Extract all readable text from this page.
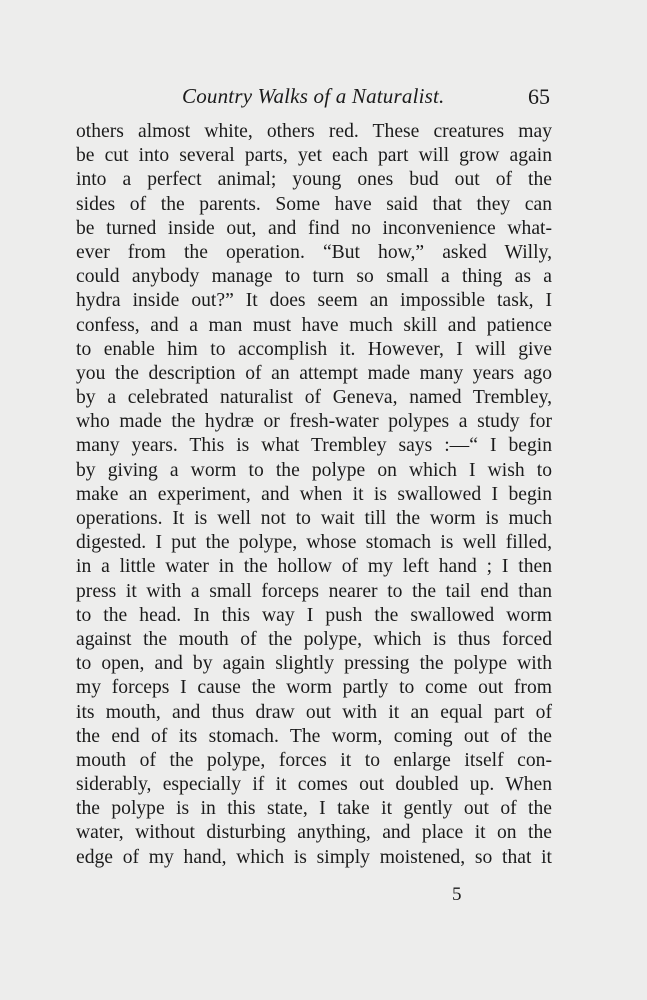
Country Walks of a Naturalist.	65
others almost white, others red. These creatures may
be cut into several parts, yet each part will grow again
into a perfect animal; young ones bud out of the
sides of the parents. Some have said that they can
be turned inside out, and find no inconvenience what-
ever from the operation. “But how,” asked Willy,
could anybody manage to turn so small a thing as a
hydra inside out?” It does seem an impossible task, I
confess, and a man must have much skill and patience
to enable him to accomplish it. However, I will give
you the description of an attempt made many years ago
by a celebrated naturalist of Geneva, named Trembley,
who made the hydræ or fresh-water polypes a study for
many years. This is what Trembley says :—“ I begin
by giving a worm to the polype on which I wish to
make an experiment, and when it is swallowed I begin
operations. It is well not to wait till the worm is much
digested. I put the polype, whose stomach is well filled,
in a little water in the hollow of my left hand ; I then
press it with a small forceps nearer to the tail end than
to the head. In this way I push the swallowed worm
against the mouth of the polype, which is thus forced
to open, and by again slightly pressing the polype with
my forceps I cause the worm partly to come out from
its mouth, and thus draw out with it an equal part of
the end of its stomach. The worm, coming out of the
mouth of the polype, forces it to enlarge itself con-
siderably, especially if it comes out doubled up. When
the polype is in this state, I take it gently out of the
water, without disturbing anything, and place it on the
edge of my hand, which is simply moistened, so that it
5
